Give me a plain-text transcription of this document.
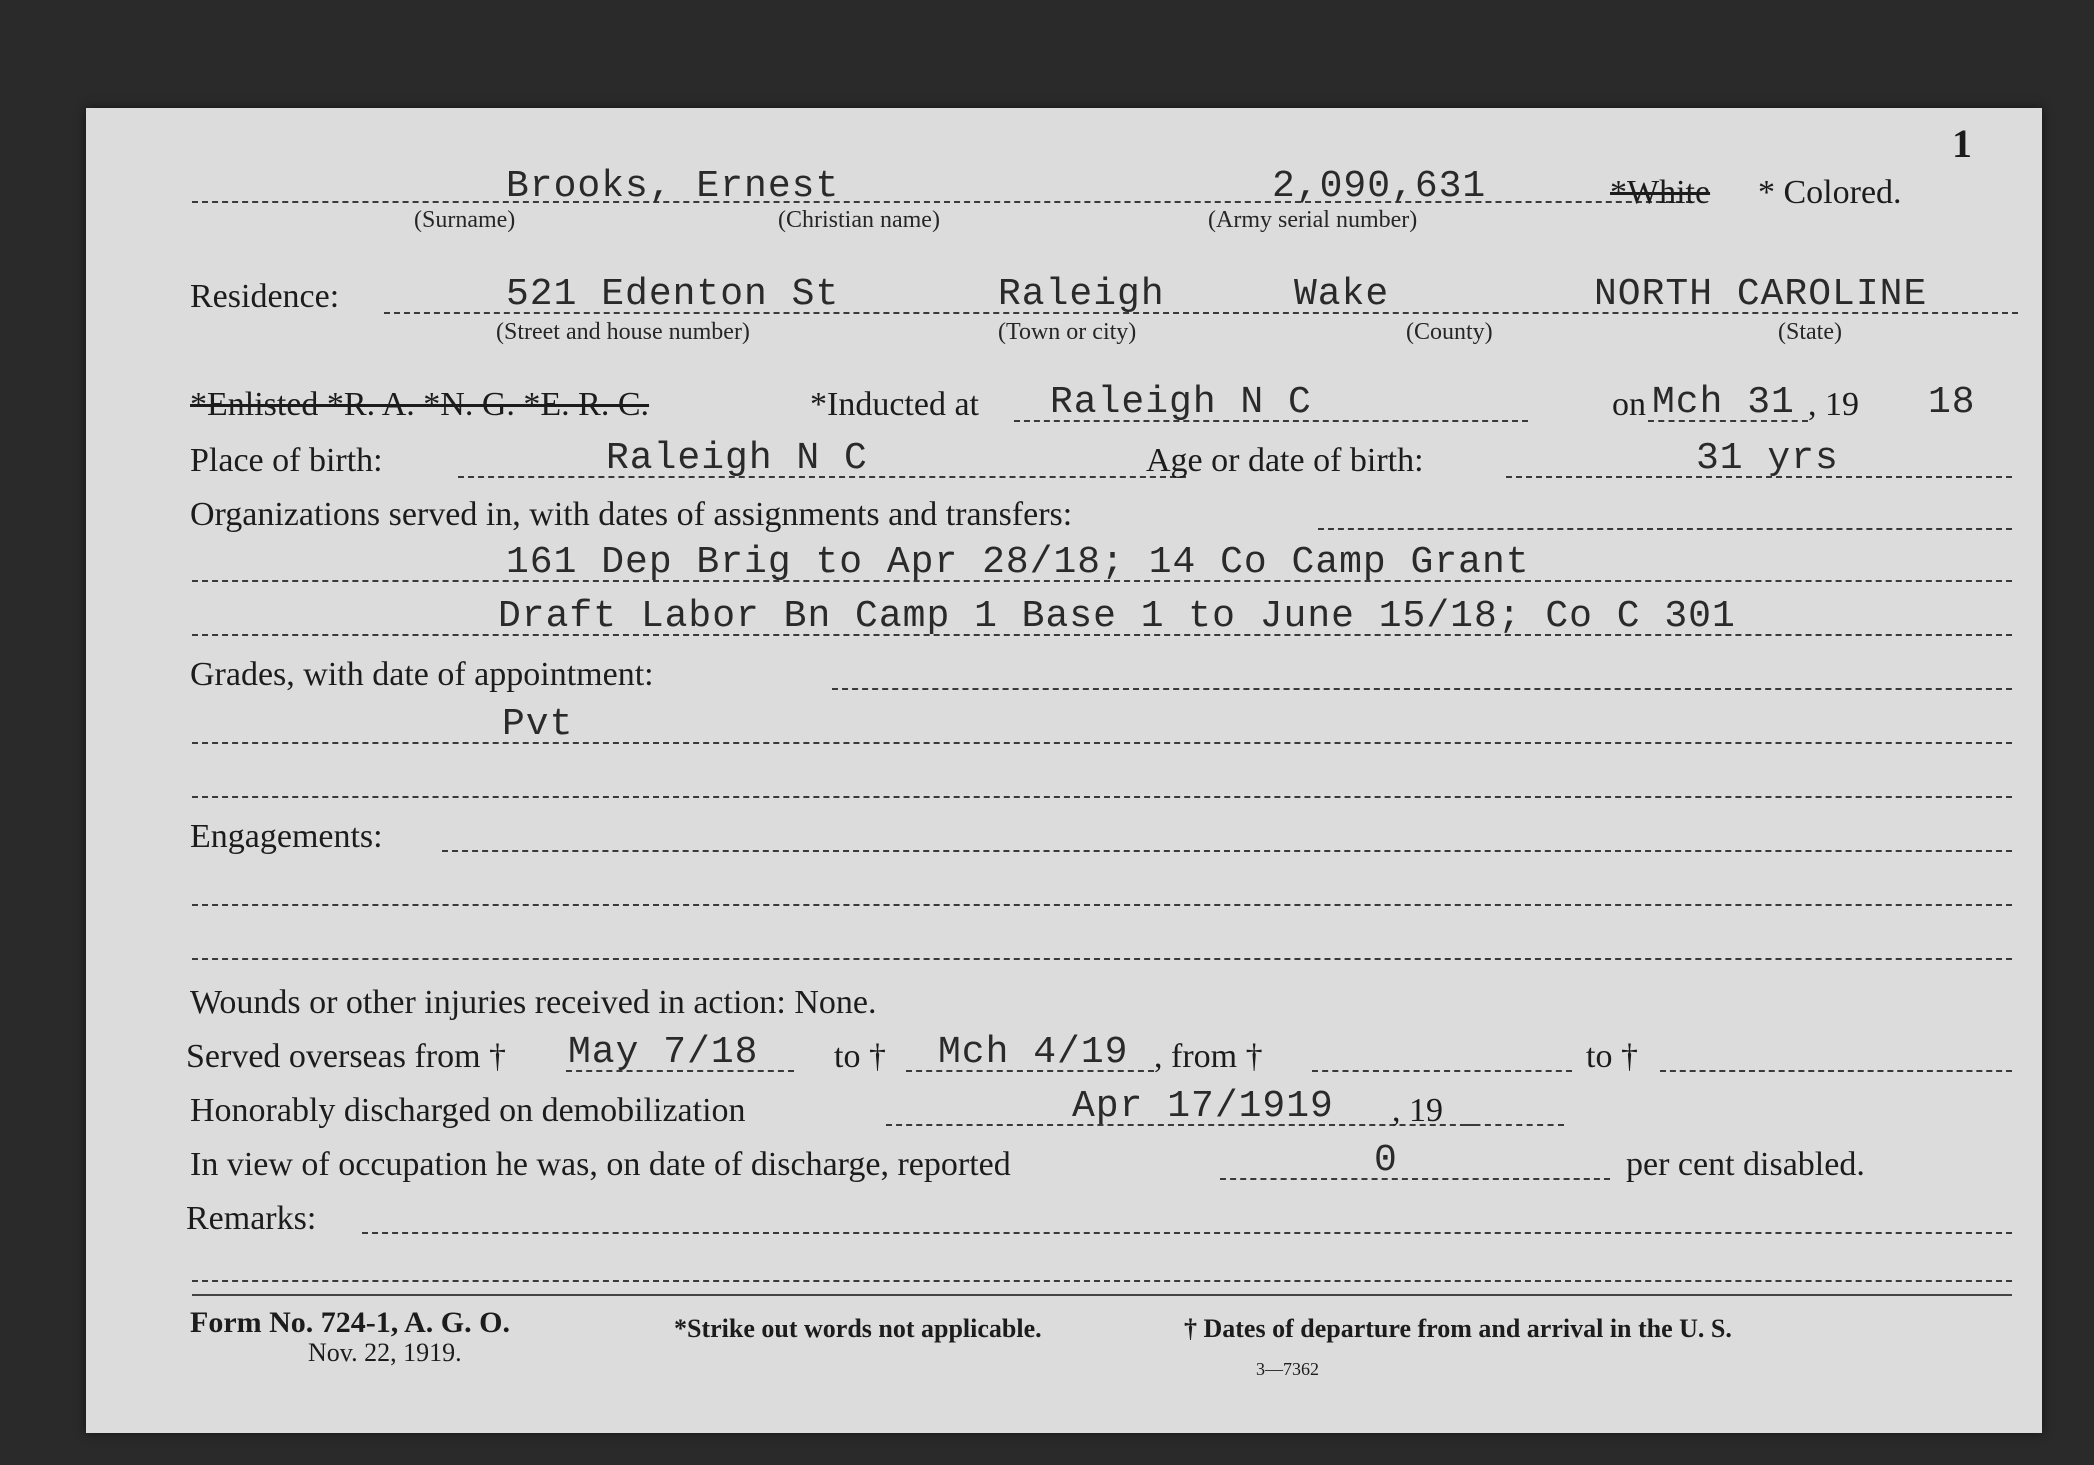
1
Brooks, Ernest	2,090,631	*White * Colored.
(Surname)	(Christian name)	(Army serial number)
Residence:	521 Edenton St	Raleigh	Wake	NORTH CAROLINE
(Street and house number)	(Town or city)	(County)	(State)
*Enlisted *R. A. *N. G. *E. R. C.	*Inducted at Raleigh N C	on Mch 31 , 19 18
Place of birth:	Raleigh N C	Age or date of birth:	31 yrs
Organizations served in, with dates of assignments and transfers:
161 Dep Brig to Apr 28/18; 14 Co Camp Grant
Draft Labor Bn Camp 1 Base 1 to June 15/18; Co C 301
Grades, with date of appointment:
Pvt
Engagements:
Wounds or other injuries received in action: None.
Served overseas from † May 7/18 to † Mch 4/19 , from †	to †
Honorably discharged on demobilization	Apr 17/1919 , 19
In view of occupation he was, on date of discharge, reported	0	per cent disabled.
Remarks:
Form No. 724-1, A. G. O.
Nov. 22, 1919.
*Strike out words not applicable.	† Dates of departure from and arrival in the U. S.
3—7362
